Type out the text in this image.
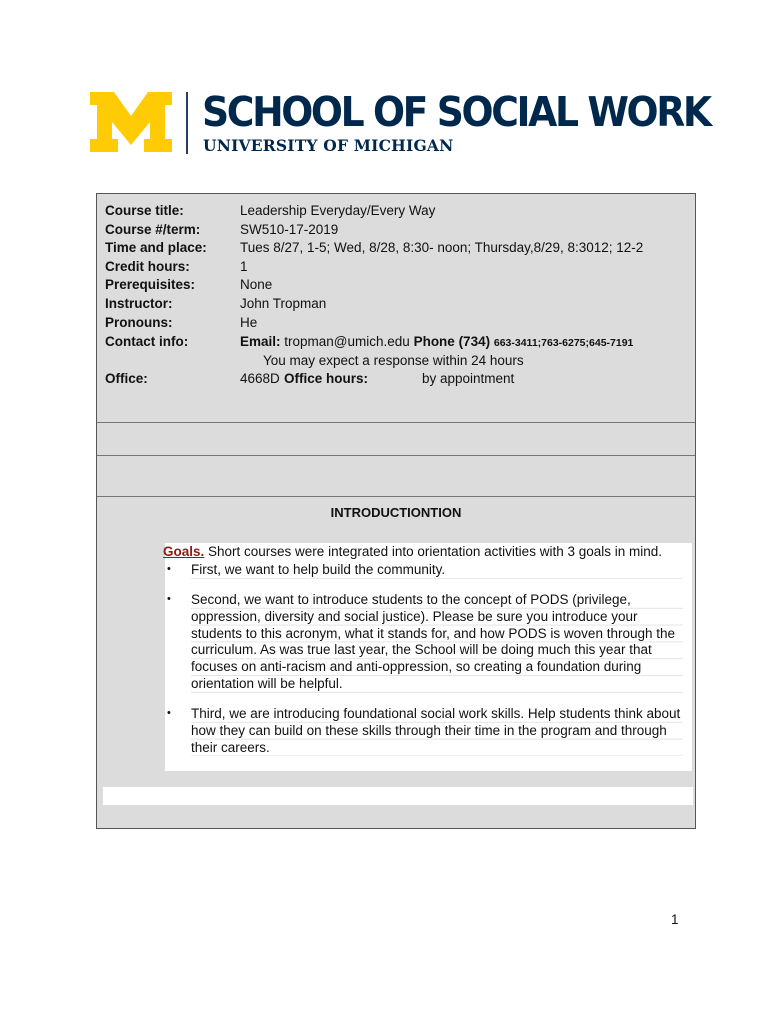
SCHOOL OF SOCIAL WORK
UNIVERSITY OF MICHIGAN
Course title:	Leadership Everyday/Every Way
Course #/term:	SW510-17-2019
Time and place: Tues 8/27, 1-5; Wed, 8/28, 8:30- noon; Thursday,8/29, 8:3012; 12-2
Credit hours:	1
Prerequisites:	None
Instructor:	John Tropman
Pronouns:	He
Contact info:	Email: tropman@umich.edu Phone (734) 663-3411;763-6275;645-7191
You may expect a response within 24 hours
Office:	4668D Office hours:	by appointment
INTRODUCTIONTION
Goals. Short courses were integrated into orientation activities with 3 goals in mind.
• First, we want to help build the community.
• Second, we want to introduce students to the concept of PODS (privilege, oppression, diversity and social justice). Please be sure you introduce your students to this acronym, what it stands for, and how PODS is woven through the curriculum. As was true last year, the School will be doing much this year that focuses on anti-racism and anti-oppression, so creating a foundation during orientation will be helpful.
• Third, we are introducing foundational social work skills. Help students think about how they can build on these skills through their time in the program and through their careers.
1
